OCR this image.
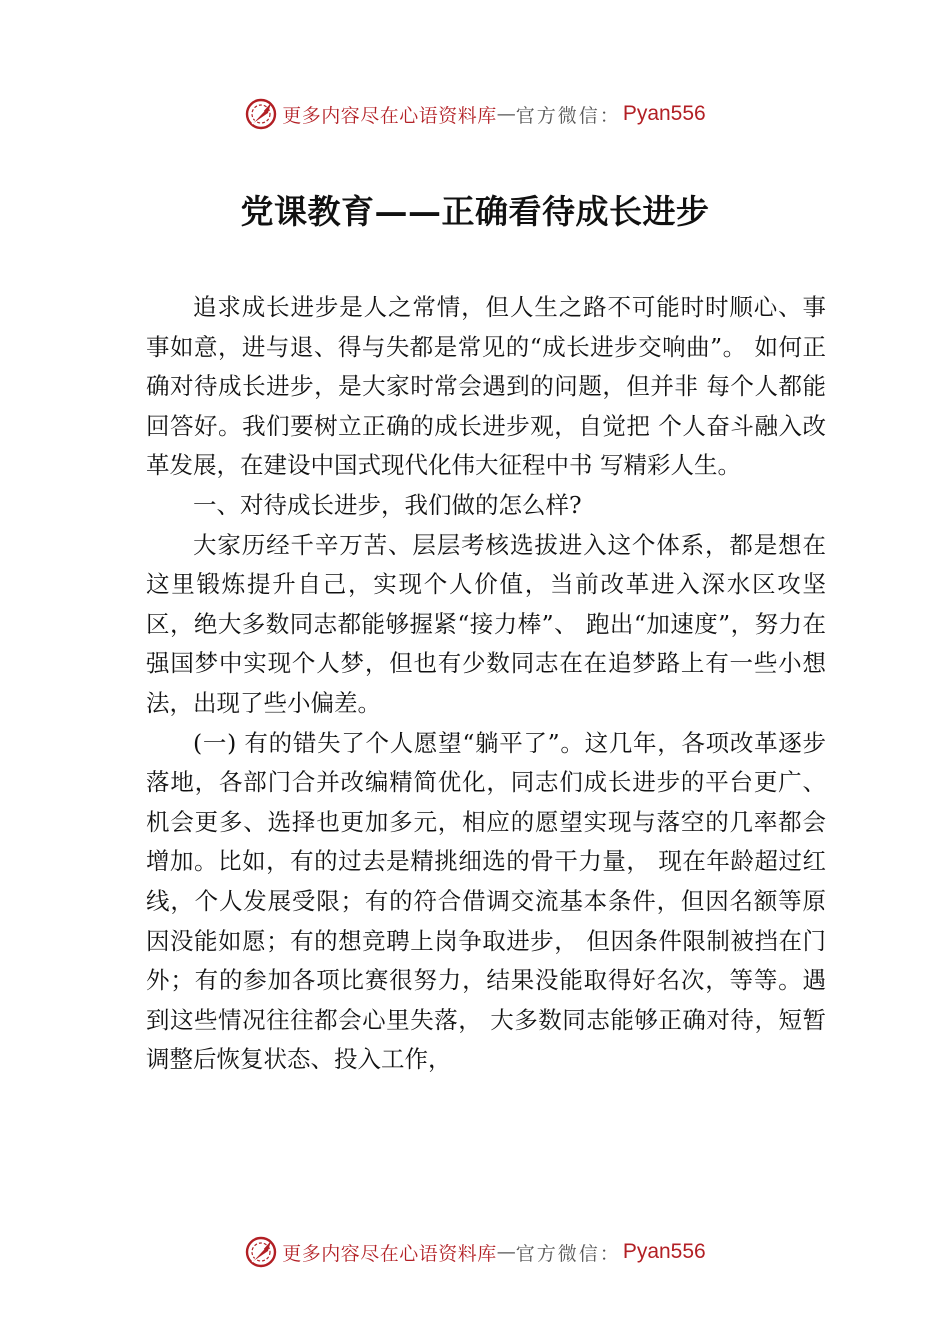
更多内容尽在心语资料库 — 官方微信： Pyan556
党课教育——正确看待成长进步

追求成长进步是人之常情，但人生之路不可能时时顺心、事事如意，进与退、得与失都是常见的“成长进步交响曲”。 如何正确对待成长进步，是大家时常会遇到的问题，但并非 每个人都能回答好。我们要树立正确的成长进步观，自觉把 个人奋斗融入改革发展，在建设中国式现代化伟大征程中书 写精彩人生。

一、对待成长进步，我们做的怎么样?

大家历经千辛万苦、层层考核选拔进入这个体系，都是想在这里锻炼提升自己，实现个人价值，当前改革进入深水区攻坚区，绝大多数同志都能够握紧“接力棒”、 跑出“加速度”，努力在强国梦中实现个人梦，但也有少数同志在在追梦路上有一些小想法，出现了些小偏差。

(一) 有的错失了个人愿望“躺平了”。这几年，各项改革逐步落地，各部门合并改编精简优化，同志们成长进步的平台更广、机会更多、选择也更加多元，相应的愿望实现与落空的几率都会增加。比如，有的过去是精挑细选的骨干力量， 现在年龄超过红线，个人发展受限；有的符合借调交流基本条件，但因名额等原因没能如愿；有的想竞聘上岗争取进步， 但因条件限制被挡在门外；有的参加各项比赛很努力，结果没能取得好名次，等等。遇到这些情况往往都会心里失落， 大多数同志能够正确对待，短暂调整后恢复状态、投入工作，

更多内容尽在心语资料库 — 官方微信： Pyan556
